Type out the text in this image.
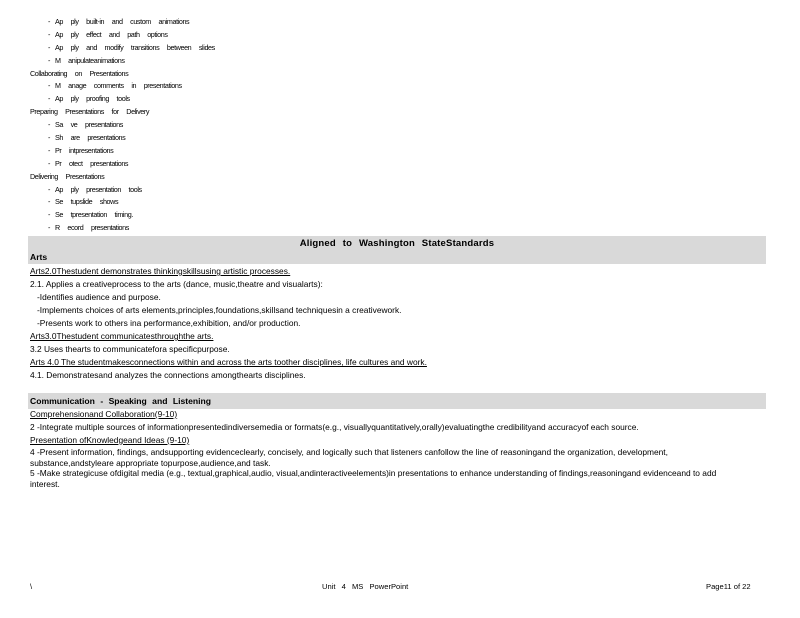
- Ap ply built-in and custom animations
- Ap ply effect and path options
- Ap ply and modify transitions between slides
- M anipulateanimations
Collaborating on Presentations
- M anage comments in presentations
- Ap ply proofing tools
Preparing Presentations for Delivery
- Sa ve presentations
- Sh are presentations
- Pr intpresentations
- Pr otect presentations
Delivering Presentations
- Ap ply presentation tools
- Se tupslide shows
- Se tpresentation timing.
- R ecord presentations
Aligned to Washington StateStandards
Arts
Arts2.0Thestudent demonstrates thinkingskillsusing artistic processes.
2.1. Applies a creativeprocess to the arts (dance, music,theatre and visualarts):
-Identifies audience and purpose.
-Implements choices of arts elements,principles,foundations,skillsand techniquesin a creativework.
-Presents work to others ina performance,exhibition, and/or production.
Arts3.0Thestudent communicatesthroughthe arts.
3.2 Uses thearts to communicatefora specificpurpose.
Arts 4.0 The studentmakesconnections within and across the arts toother disciplines, life cultures and work.
4.1. Demonstratesand analyzes the connections amongthearts disciplines.
Communication - Speaking and Listening
Comprehensionand Collaboration(9-10)
2 -Integrate multiple sources of informationpresentedindiversemedia or formats(e.g., visuallyquantitatively,orally)evaluatingthe credibilityand accuracyof each source.
Presentation ofKnowledgeand Ideas (9-10)
4 -Present information, findings, andsupporting evidenceclearly, concisely, and logically such that listeners canfollow the line of reasoningand the organization, development, substance,andstyleare appropriate topurpose,audience,and task.
5 -Make strategicuse ofdigital media (e.g., textual,graphical,audio, visual,andinteractiveelements)in presentations to enhance understanding of findings,reasoningand evidenceand to add interest.
\	Unit 4 MS PowerPoint	Page11 of 22
